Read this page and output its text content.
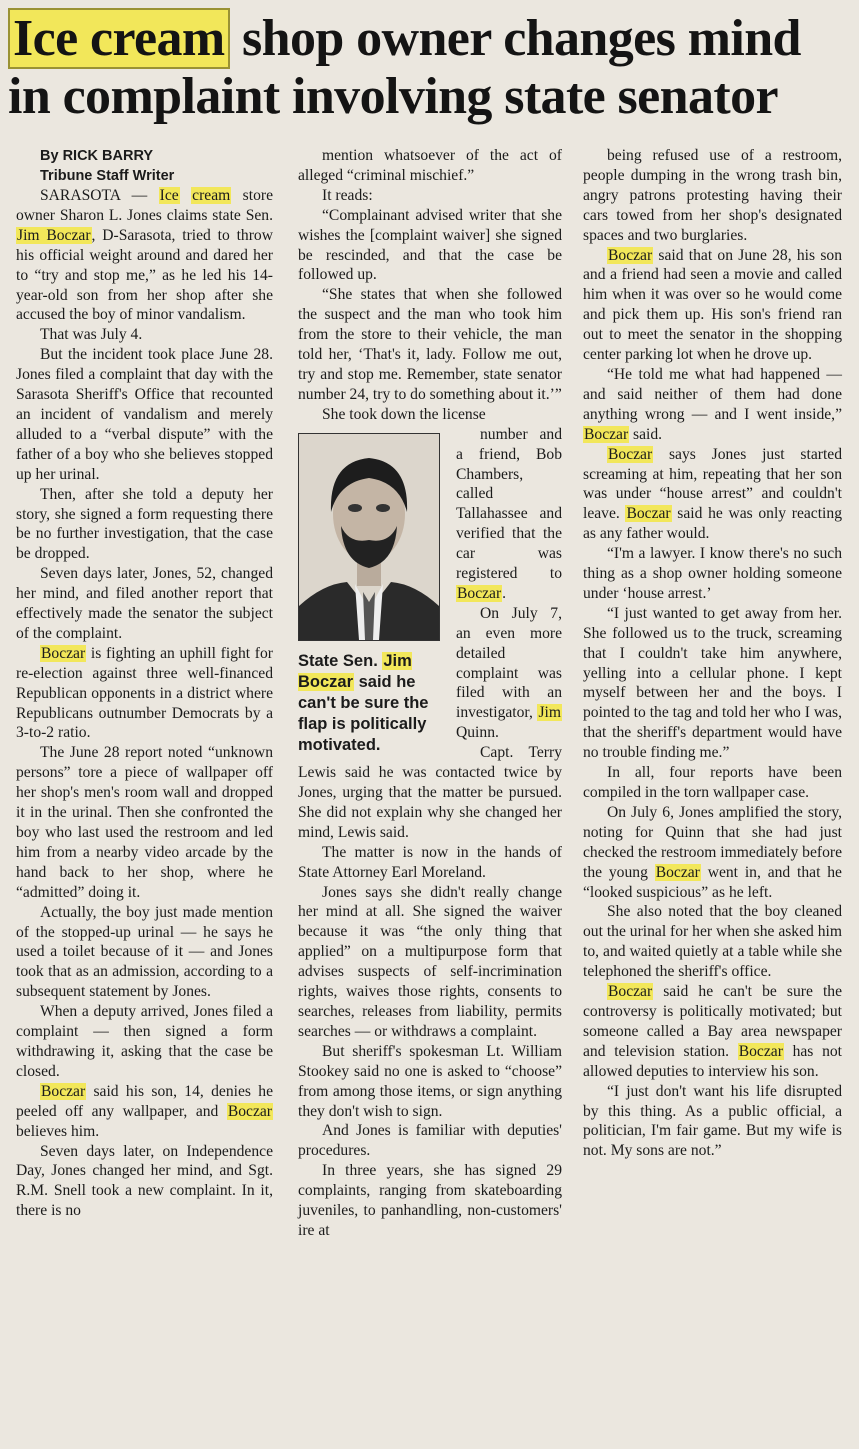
Ice cream shop owner changes mind
in complaint involving state senator

By RICK BARRY

Tribune Staff Writer

SARASOTA — Ice cream store owner Sharon L. Jones claims state Sen. Jim Boczar, D-Sarasota, tried to throw his official weight around and dared her to “try and stop me,” as he led his 14-year-old son from her shop after she accused the boy of minor vandalism.

That was July 4.

But the incident took place June 28. Jones filed a complaint that day with the Sarasota Sheriff's Office that recounted an incident of vandalism and merely alluded to a “verbal dispute” with the father of a boy who she believes stopped up her urinal.

Then, after she told a deputy her story, she signed a form requesting there be no further investigation, that the case be dropped.

Seven days later, Jones, 52, changed her mind, and filed another report that effectively made the senator the subject of the complaint.

Boczar is fighting an uphill fight for re-election against three well-financed Republican opponents in a district where Republicans outnumber Democrats by a 3-to-2 ratio.

The June 28 report noted “unknown persons” tore a piece of wallpaper off her shop's men's room wall and dropped it in the urinal. Then she confronted the boy who last used the restroom and led him from a nearby video arcade by the hand back to her shop, where he “admitted” doing it.

Actually, the boy just made mention of the stopped-up urinal — he says he used a toilet because of it — and Jones took that as an admission, according to a subsequent statement by Jones.

When a deputy arrived, Jones filed a complaint — then signed a form withdrawing it, asking that the case be closed.

Boczar said his son, 14, denies he peeled off any wallpaper, and Boczar believes him.

Seven days later, on Independence Day, Jones changed her mind, and Sgt. R.M. Snell took a new complaint. In it, there is no

mention whatsoever of the act of alleged “criminal mischief.”

It reads:

“Complainant advised writer that she wishes the [complaint waiver] she signed be rescinded, and that the case be followed up.

“She states that when she followed the suspect and the man who took him from the store to their vehicle, the man told her, ‘That's it, lady. Follow me out, try and stop me. Remember, state senator number 24, try to do something about it.’”

She took down the license

State Sen. Jim Boczar said he can't be sure the flap is politically motivated.

number and a friend, Bob Chambers, called Tallahassee and verified that the car was registered to Boczar.

On July 7, an even more detailed complaint was filed with an investigator, Jim Quinn.

Capt. Terry Lewis said he was contacted twice by Jones, urging that the matter be pursued. She did not explain why she changed her mind, Lewis said.

The matter is now in the hands of State Attorney Earl Moreland.

Jones says she didn't really change her mind at all. She signed the waiver because it was “the only thing that applied” on a multipurpose form that advises suspects of self-incrimination rights, waives those rights, consents to searches, releases from liability, permits searches — or withdraws a complaint.

But sheriff's spokesman Lt. William Stookey said no one is asked to “choose” from among those items, or sign anything they don't wish to sign.

And Jones is familiar with deputies' procedures.

In three years, she has signed 29 complaints, ranging from skateboarding juveniles, to panhandling, non-customers' ire at

being refused use of a restroom, people dumping in the wrong trash bin, angry patrons protesting having their cars towed from her shop's designated spaces and two burglaries.

Boczar said that on June 28, his son and a friend had seen a movie and called him when it was over so he would come and pick them up. His son's friend ran out to meet the senator in the shopping center parking lot when he drove up.

“He told me what had happened — and said neither of them had done anything wrong — and I went inside,” Boczar said.

Boczar says Jones just started screaming at him, repeating that her son was under “house arrest” and couldn't leave. Boczar said he was only reacting as any father would.

“I'm a lawyer. I know there's no such thing as a shop owner holding someone under ‘house arrest.’

“I just wanted to get away from her. She followed us to the truck, screaming that I couldn't take him anywhere, yelling into a cellular phone. I kept myself between her and the boys. I pointed to the tag and told her who I was, that the sheriff's department would have no trouble finding me.”

In all, four reports have been compiled in the torn wallpaper case.

On July 6, Jones amplified the story, noting for Quinn that she had just checked the restroom immediately before the young Boczar went in, and that he “looked suspicious” as he left.

She also noted that the boy cleaned out the urinal for her when she asked him to, and waited quietly at a table while she telephoned the sheriff's office.

Boczar said he can't be sure the controversy is politically motivated; but someone called a Bay area newspaper and television station. Boczar has not allowed deputies to interview his son.

“I just don't want his life disrupted by this thing. As a public official, a politician, I'm fair game. But my wife is not. My sons are not.”
